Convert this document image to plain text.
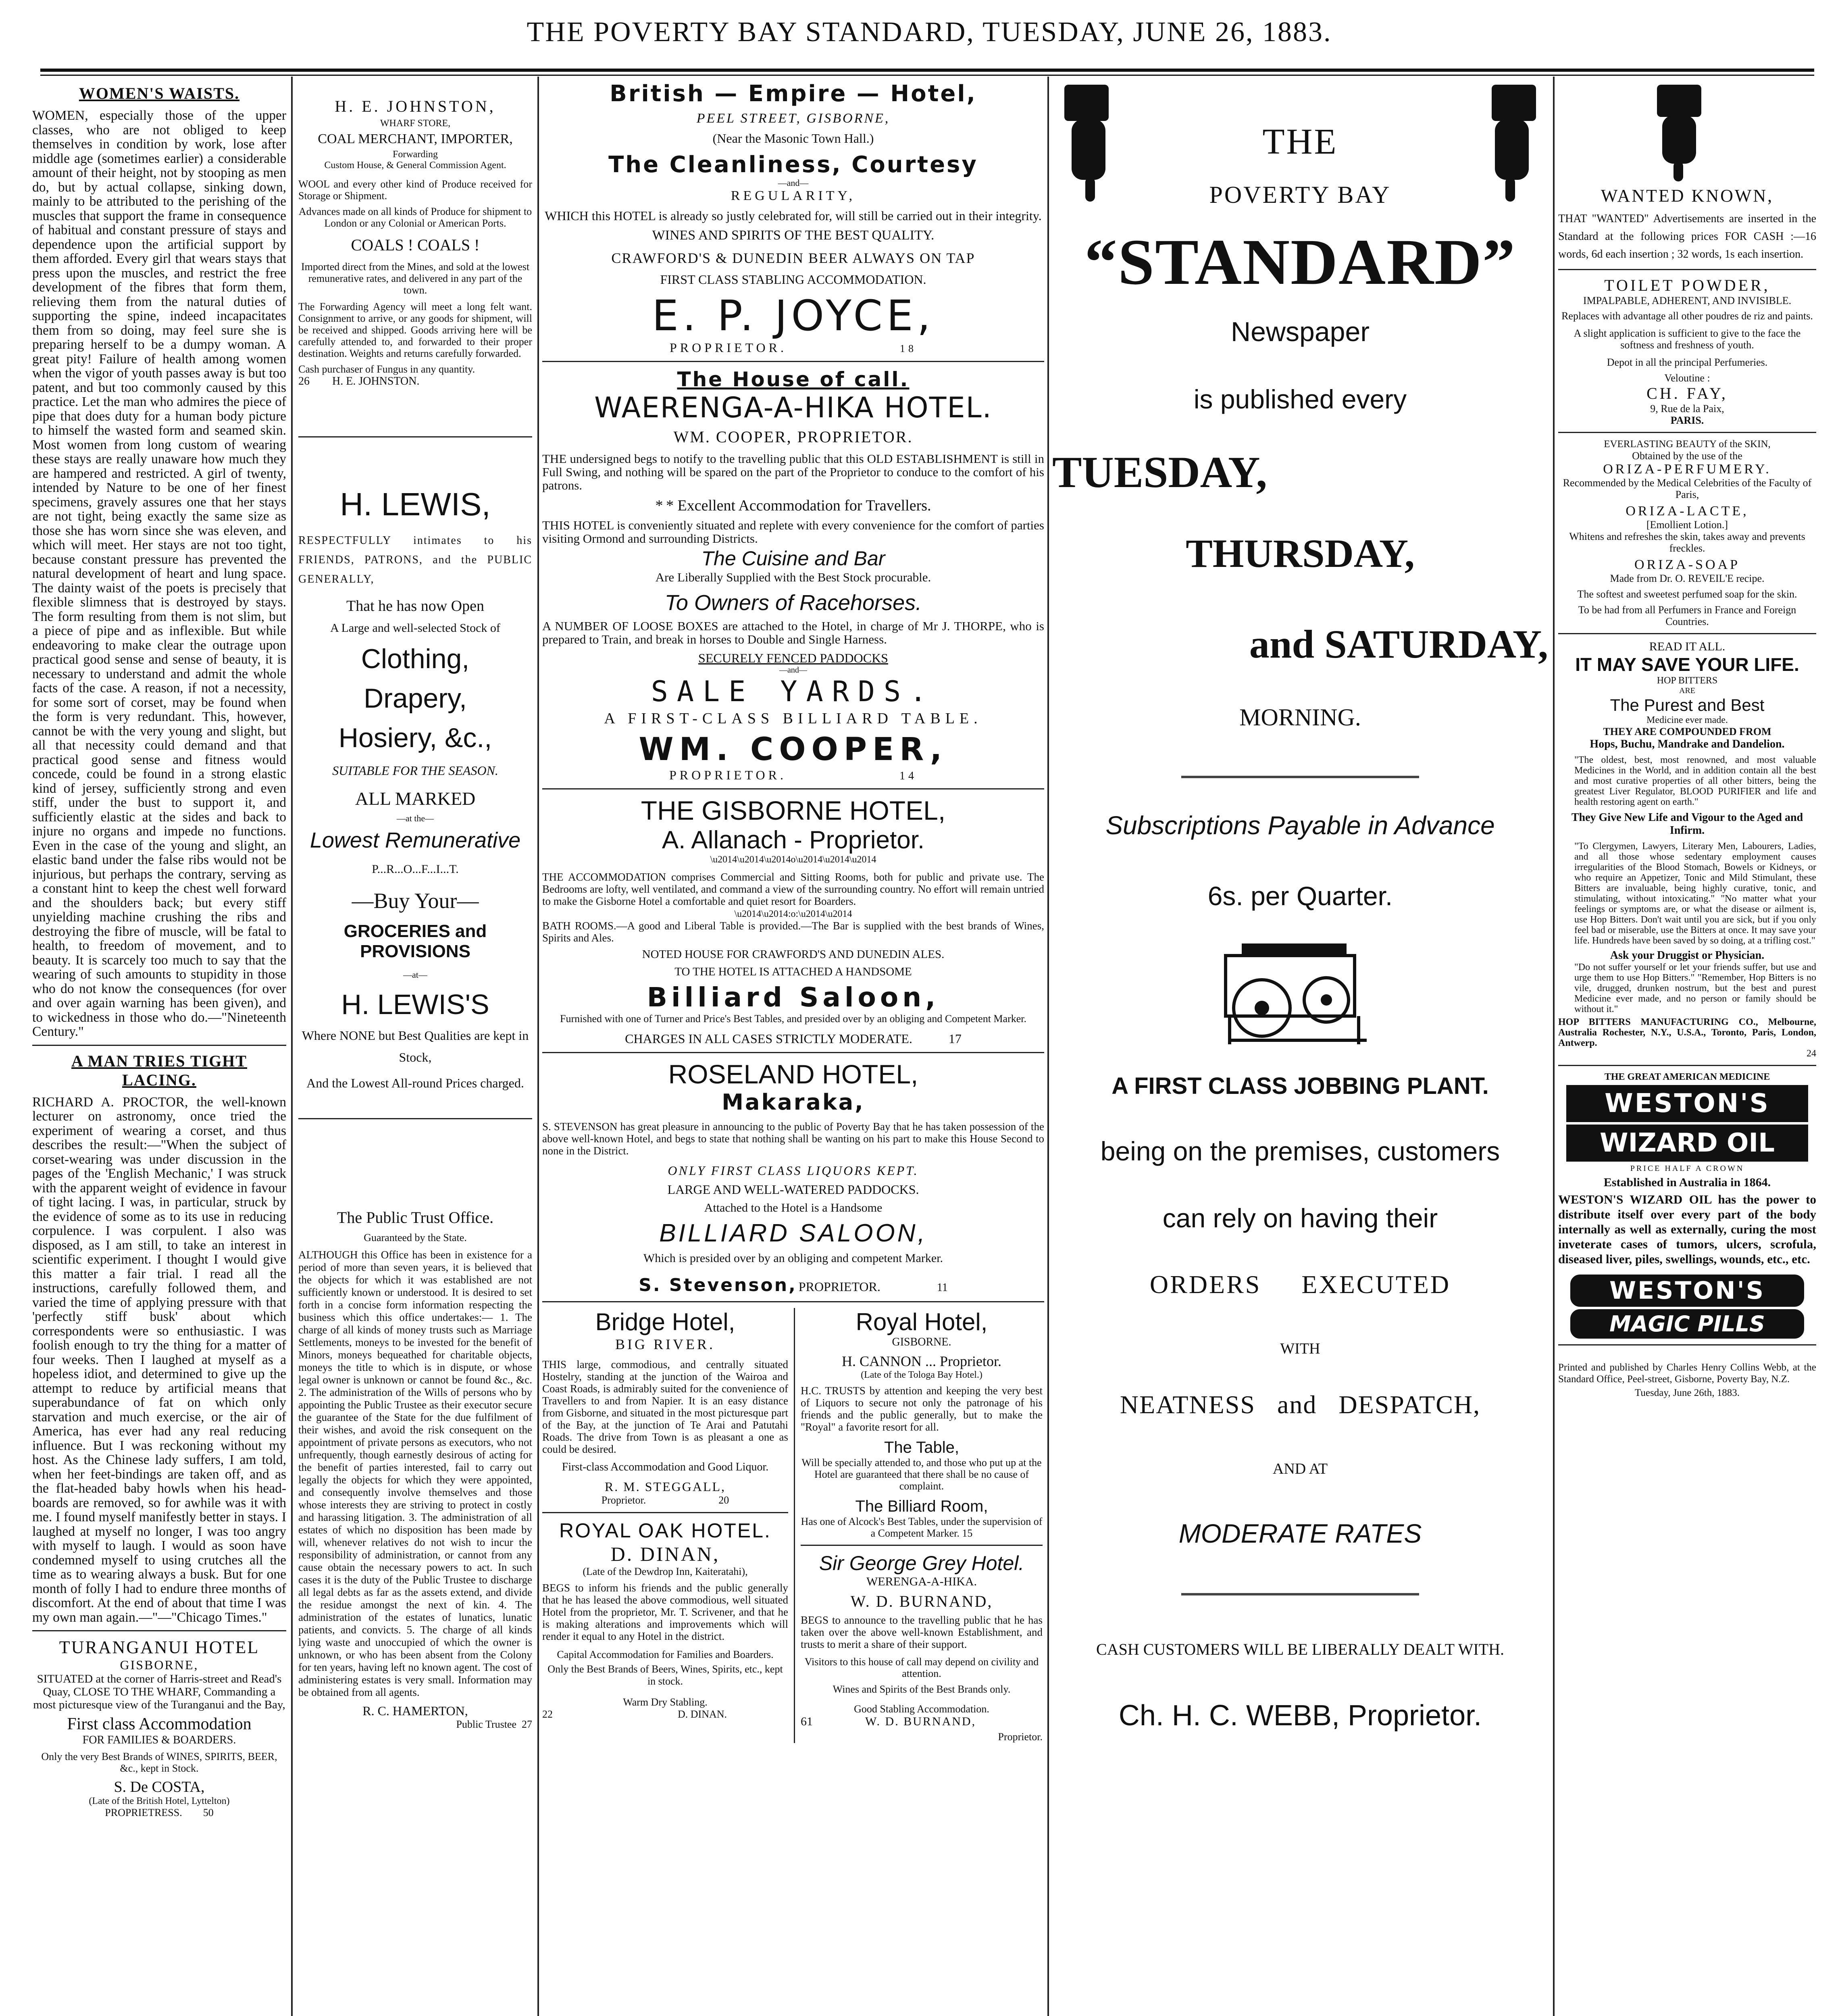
THE POVERTY BAY STANDARD, TUESDAY, JUNE 26, 1883.
WOMEN'S WAISTS.
WOMEN, especially those of the upper classes, who are not obliged to keep themselves in condition by work, lose after middle age (sometimes earlier) a considerable amount of their height, not by stooping as men do, but by actual collapse, sinking down, mainly to be attributed to the perishing of the muscles that support the frame in consequence of habitual and constant pressure of stays and dependence upon the artificial support by them afforded. Every girl that wears stays that press upon the muscles, and restrict the free development of the fibres that form them, relieving them from the natural duties of supporting the spine, indeed incapacitates them from so doing, may feel sure she is preparing herself to be a dumpy woman. A great pity! Failure of health among women when the vigor of youth passes away is but too patent, and but too commonly caused by this practice. Let the man who admires the piece of pipe that does duty for a human body picture to himself the wasted form and seamed skin. Most women from long custom of wearing these stays are really unaware how much they are hampered and restricted. A girl of twenty, intended by Nature to be one of her finest specimens, gravely assures one that her stays are not tight, being exactly the same size as those she has worn since she was eleven, and which will meet. Her stays are not too tight, because constant pressure has prevented the natural development of heart and lung space. The dainty waist of the poets is precisely that flexible slimness that is destroyed by stays. The form resulting from them is not slim, but a piece of pipe and as inflexible. But while endeavoring to make clear the outrage upon practical good sense and sense of beauty, it is necessary to understand and admit the whole facts of the case. A reason, if not a necessity, for some sort of corset, may be found when the form is very redundant. This, however, cannot be with the very young and slight, but all that necessity could demand and that practical good sense and fitness would concede, could be found in a strong elastic kind of jersey, sufficiently strong and even stiff, under the bust to support it, and sufficiently elastic at the sides and back to injure no organs and impede no functions. Even in the case of the young and slight, an elastic band under the false ribs would not be injurious, but perhaps the contrary, serving as a constant hint to keep the chest well forward and the shoulders back; but every stiff unyielding machine crushing the ribs and destroying the fibre of muscle, will be fatal to health, to freedom of movement, and to beauty. It is scarcely too much to say that the wearing of such amounts to stupidity in those who do not know the consequences (for over and over again warning has been given), and to wickedness in those who do.—"Nineteenth Century."
A MAN TRIES TIGHT LACING.
RICHARD A. PROCTOR, the well-known lecturer on astronomy, once tried the experiment of wearing a corset, and thus describes the result:—"When the subject of corset-wearing was under discussion in the pages of the 'English Mechanic,' I was struck with the apparent weight of evidence in favour of tight lacing. I was, in particular, struck by the evidence of some as to its use in reducing corpulence. I was corpulent. I also was disposed, as I am still, to take an interest in scientific experiment. I thought I would give this matter a fair trial. I read all the instructions, carefully followed them, and varied the time of applying pressure with that 'perfectly stiff busk' about which correspondents were so enthusiastic. I was foolish enough to try the thing for a matter of four weeks. Then I laughed at myself as a hopeless idiot, and determined to give up the attempt to reduce by artificial means that superabundance of fat on which only starvation and much exercise, or the air of America, has ever had any real reducing influence. But I was reckoning without my host. As the Chinese lady suffers, I am told, when her feet-bindings are taken off, and as the flat-headed baby howls when his head-boards are removed, so for awhile was it with me. I found myself manifestly better in stays. I laughed at myself no longer, I was too angry with myself to laugh. I would as soon have condemned myself to using crutches all the time as to wearing always a busk. But for one month of folly I had to endure three months of discomfort. At the end of about that time I was my own man again.—"—"Chicago Times."
TURANGANUI HOTEL
GISBORNE,
SITUATED at the corner of Harris-street and Read's Quay, CLOSE TO THE WHARF, Commanding a most picturesque view of the Turanganui and the Bay,
First class Accommodation
FOR FAMILIES & BOARDERS.
Only the very Best Brands of WINES, SPIRITS, BEER, &c., kept in Stock.
S. De COSTA,
(Late of the British Hotel, Lyttelton)
PROPRIETRESS. 50
H. E. JOHNSTON,
WHARF STORE,
COAL MERCHANT, IMPORTER,
Forwarding
Custom House, & General Commission Agent.
WOOL and every other kind of Produce received for Storage or Shipment.
Advances made on all kinds of Produce for shipment to London or any Colonial or American Ports.
COALS ! COALS !
Imported direct from the Mines, and sold at the lowest remunerative rates, and delivered in any part of the town.
The Forwarding Agency will meet a long felt want. Consignment to arrive, or any goods for shipment, will be received and shipped. Goods arriving here will be carefully attended to, and forwarded to their proper destination. Weights and returns carefully forwarded.
Cash purchaser of Fungus in any quantity.
26 H. E. JOHNSTON.
H. LEWIS,
RESPECTFULLY intimates to his FRIENDS, PATRONS, and the PUBLIC GENERALLY,
That he has now Open
A Large and well-selected Stock of
Clothing,
Drapery,
Hosiery, &c.,
SUITABLE FOR THE SEASON.
ALL MARKED
—at the—
Lowest Remunerative
P...R...O...F...I...T.
—Buy Your—
GROCERIES and PROVISIONS
—at—
H. LEWIS'S
Where NONE but Best Qualities are kept in Stock,
And the Lowest All-round Prices charged.
The Public Trust Office.
Guaranteed by the State.
ALTHOUGH this Office has been in existence for a period of more than seven years, it is believed that the objects for which it was established are not sufficiently known or understood. It is desired to set forth in a concise form information respecting the business which this office undertakes:— 1. The charge of all kinds of money trusts such as Marriage Settlements, moneys to be invested for the benefit of Minors, moneys bequeathed for charitable objects, moneys the title to which is in dispute, or whose legal owner is unknown or cannot be found &c., &c. 2. The administration of the Wills of persons who by appointing the Public Trustee as their executor secure the guarantee of the State for the due fulfilment of their wishes, and avoid the risk consequent on the appointment of private persons as executors, who not unfrequently, though earnestly desirous of acting for the benefit of parties interested, fail to carry out legally the objects for which they were appointed, and consequently involve themselves and those whose interests they are striving to protect in costly and harassing litigation. 3. The administration of all estates of which no disposition has been made by will, whenever relatives do not wish to incur the responsibility of administration, or cannot from any cause obtain the necessary powers to act. In such cases it is the duty of the Public Trustee to discharge all legal debts as far as the assets extend, and divide the residue amongst the next of kin. 4. The administration of the estates of lunatics, lunatic patients, and convicts. 5. The charge of all kinds lying waste and unoccupied of which the owner is unknown, or who has been absent from the Colony for ten years, having left no known agent. The cost of administering estates is very small. Information may be obtained from all agents.
R. C. HAMERTON,
Public Trustee 27
British — Empire — Hotel,
PEEL STREET, GISBORNE,
(Near the Masonic Town Hall.)
The Cleanliness, Courtesy
—and—
REGULARITY,
WHICH this HOTEL is already so justly celebrated for, will still be carried out in their integrity.
WINES AND SPIRITS OF THE BEST QUALITY.
CRAWFORD'S & DUNEDIN BEER ALWAYS ON TAP
FIRST CLASS STABLING ACCOMMODATION.
E. P. JOYCE,
PROPRIETOR.	18
The House of call.
WAERENGA-A-HIKA HOTEL.
WM. COOPER, PROPRIETOR.
THE undersigned begs to notify to the travelling public that this OLD ESTABLISHMENT is still in Full Swing, and nothing will be spared on the part of the Proprietor to conduce to the comfort of his patrons.
* * Excellent Accommodation for Travellers.
THIS HOTEL is conveniently situated and replete with every convenience for the comfort of parties visiting Ormond and surrounding Districts.
The Cuisine and Bar
Are Liberally Supplied with the Best Stock procurable.
To Owners of Racehorses.
A NUMBER OF LOOSE BOXES are attached to the Hotel, in charge of Mr J. THORPE, who is prepared to Train, and break in horses to Double and Single Harness.
SECURELY FENCED PADDOCKS
—and—
SALE YARDS.
A FIRST-CLASS BILLIARD TABLE.
WM. COOPER,
PROPRIETOR.	14
THE GISBORNE HOTEL,
A. Allanach - Proprietor.
\u2014\u2014\u2014o\u2014\u2014\u2014
THE ACCOMMODATION comprises Commercial and Sitting Rooms, both for public and private use. The Bedrooms are lofty, well ventilated, and command a view of the surrounding country. No effort will remain untried to make the Gisborne Hotel a comfortable and quiet resort for Boarders.
\u2014\u2014:o:\u2014\u2014
BATH ROOMS.—A good and Liberal Table is provided.—The Bar is supplied with the best brands of Wines, Spirits and Ales.
NOTED HOUSE FOR CRAWFORD'S AND DUNEDIN ALES.
TO THE HOTEL IS ATTACHED A HANDSOME
Billiard Saloon,
Furnished with one of Turner and Price's Best Tables, and presided over by an obliging and Competent Marker.
CHARGES IN ALL CASES STRICTLY MODERATE.	17
ROSELAND HOTEL,
Makaraka,
S. STEVENSON has great pleasure in announcing to the public of Poverty Bay that he has taken possession of the above well-known Hotel, and begs to state that nothing shall be wanting on his part to make this House Second to none in the District.
ONLY FIRST CLASS LIQUORS KEPT.
LARGE AND WELL-WATERED PADDOCKS.
Attached to the Hotel is a Handsome
BILLIARD SALOON,
Which is presided over by an obliging and competent Marker.
S. Stevenson, PROPRIETOR.	11
Bridge Hotel,
BIG RIVER.
THIS large, commodious, and centrally situated Hostelry, standing at the junction of the Wairoa and Coast Roads, is admirably suited for the convenience of Travellers to and from Napier. It is an easy distance from Gisborne, and situated in the most picturesque part of the Bay, at the junction of Te Arai and Patutahi Roads. The drive from Town is as pleasant a one as could be desired.
First-class Accommodation and Good Liquor.
R. M. STEGGALL,
Proprietor.	20
ROYAL OAK HOTEL.
D. DINAN,
(Late of the Dewdrop Inn, Kaiteratahi),
BEGS to inform his friends and the public generally that he has leased the above commodious, well situated Hotel from the proprietor, Mr. T. Scrivener, and that he is making alterations and improvements which will render it equal to any Hotel in the district.
Capital Accommodation for Families and Boarders.
Only the Best Brands of Beers, Wines, Spirits, etc., kept in stock.
Warm Dry Stabling.
22	D. DINAN.
Royal Hotel,
GISBORNE.
H. CANNON ... Proprietor.
(Late of the Tologa Bay Hotel.)
H.C. TRUSTS by attention and keeping the very best of Liquors to secure not only the patronage of his friends and the public generally, but to make the "Royal" a favorite resort for all.
The Table,
Will be specially attended to, and those who put up at the Hotel are guaranteed that there shall be no cause of complaint.
The Billiard Room,
Has one of Alcock's Best Tables, under the supervision of a Competent Marker. 15
Sir George Grey Hotel.
WERENGA-A-HIKA.
W. D. BURNAND,
BEGS to announce to the travelling public that he has taken over the above well-known Establishment, and trusts to merit a share of their support.
Visitors to this house of call may depend on civility and attention.
Wines and Spirits of the Best Brands only.
Good Stabling Accommodation.
61	W. D. BURNAND,
Proprietor.
THE
POVERTY BAY
“STANDARD”
Newspaper
is published every
TUESDAY,
THURSDAY,
and SATURDAY,
MORNING.
Subscriptions Payable in Advance
6s. per Quarter.
A FIRST CLASS JOBBING PLANT.
being on the premises, customers
can rely on having their
ORDERS     EXECUTED
WITH
NEATNESS   and   DESPATCH,
AND AT
MODERATE RATES
CASH CUSTOMERS WILL BE LIBERALLY DEALT WITH.
Ch. H. C. WEBB, Proprietor.
WANTED KNOWN,
THAT "WANTED" Advertisements are inserted in the Standard at the following prices FOR CASH :—16 words, 6d each insertion ; 32 words, 1s each insertion.
TOILET POWDER,
IMPALPABLE, ADHERENT, AND INVISIBLE.
Replaces with advantage all other poudres de riz and paints.
A slight application is sufficient to give to the face the softness and freshness of youth.
Depot in all the principal Perfumeries.
Veloutine :
CH. FAY,
9, Rue de la Paix,
PARIS.
EVERLASTING BEAUTY of the SKIN,
Obtained by the use of the
ORIZA-PERFUMERY.
Recommended by the Medical Celebrities of the Faculty of Paris,
ORIZA-LACTE,
[Emollient Lotion.]
Whitens and refreshes the skin, takes away and prevents freckles.
ORIZA-SOAP
Made from Dr. O. REVEIL'E recipe.
The softest and sweetest perfumed soap for the skin.
To be had from all Perfumers in France and Foreign Countries.
READ IT ALL.
IT MAY SAVE YOUR LIFE.
HOP BITTERS
ARE
The Purest and Best
Medicine ever made.
THEY ARE COMPOUNDED FROM
Hops, Buchu, Mandrake and Dandelion.
"The oldest, best, most renowned, and most valuable Medicines in the World, and in addition contain all the best and most curative properties of all other bitters, being the greatest Liver Regulator, BLOOD PURIFIER and life and health restoring agent on earth."
They Give New Life and Vigour to the Aged and Infirm.
"To Clergymen, Lawyers, Literary Men, Labourers, Ladies, and all those whose sedentary employment causes irregularities of the Blood Stomach, Bowels or Kidneys, or who require an Appetizer, Tonic and Mild Stimulant, these Bitters are invaluable, being highly curative, tonic, and stimulating, without intoxicating." "No matter what your feelings or symptoms are, or what the disease or ailment is, use Hop Bitters. Don't wait until you are sick, but if you only feel bad or miserable, use the Bitters at once. It may save your life. Hundreds have been saved by so doing, at a trifling cost."
Ask your Druggist or Physician.
"Do not suffer yourself or let your friends suffer, but use and urge them to use Hop Bitters." "Remember, Hop Bitters is no vile, drugged, drunken nostrum, but the best and purest Medicine ever made, and no person or family should be without it."
HOP BITTERS MANUFACTURING CO., Melbourne, Australia Rochester, N.Y., U.S.A., Toronto, Paris, London, Antwerp.
24
THE GREAT AMERICAN MEDICINE
WESTON'S
WIZARD OIL
PRICE HALF A CROWN
Established in Australia in 1864.
WESTON'S WIZARD OIL has the power to distribute itself over every part of the body internally as well as externally, curing the most inveterate cases of tumors, ulcers, scrofula, diseased liver, piles, swellings, wounds, etc., etc.
WESTON'S
MAGIC PILLS
Printed and published by Charles Henry Collins Webb, at the Standard Office, Peel-street, Gisborne, Poverty Bay, N.Z.
Tuesday, June 26th, 1883.
